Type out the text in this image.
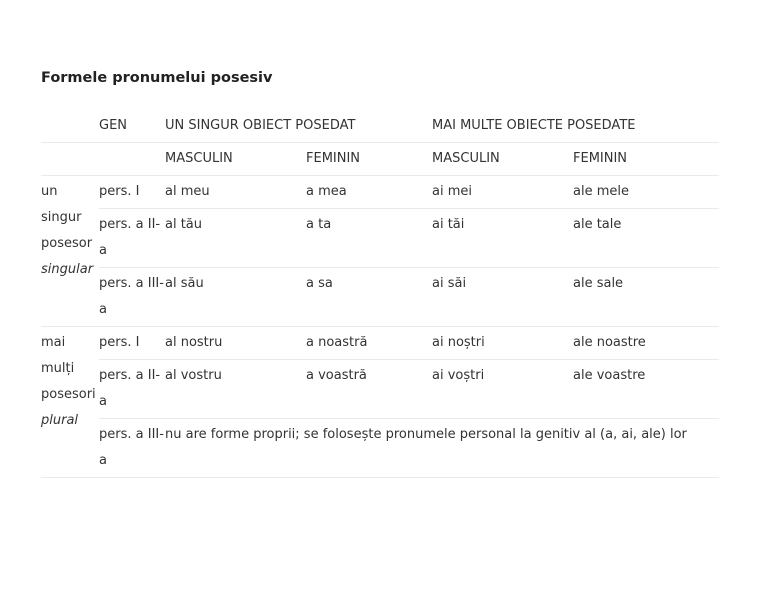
Formele pronumelui posesiv
	GEN	UN SINGUR OBIECT POSEDAT		MAI MULTE OBIECTE POSEDATE	
		MASCULIN	FEMININ	MASCULIN	FEMININ

un
singur
posesor
singular	pers. I	al meu	a mea	ai mei	ale mele
	pers. a II-a	al tău	a ta	ai tăi	ale tale
	pers. a III-a	al său	a sa	ai săi	ale sale

mai
mulți
posesori
plural	pers. I	al nostru	a noastră	ai noștri	ale noastre
	pers. a II-a	al vostru	a voastră	ai voștri	ale voastre
	pers. a III-a	nu are forme proprii; se folosește pronumele personal la genitiv al (a, ai, ale) lor			
